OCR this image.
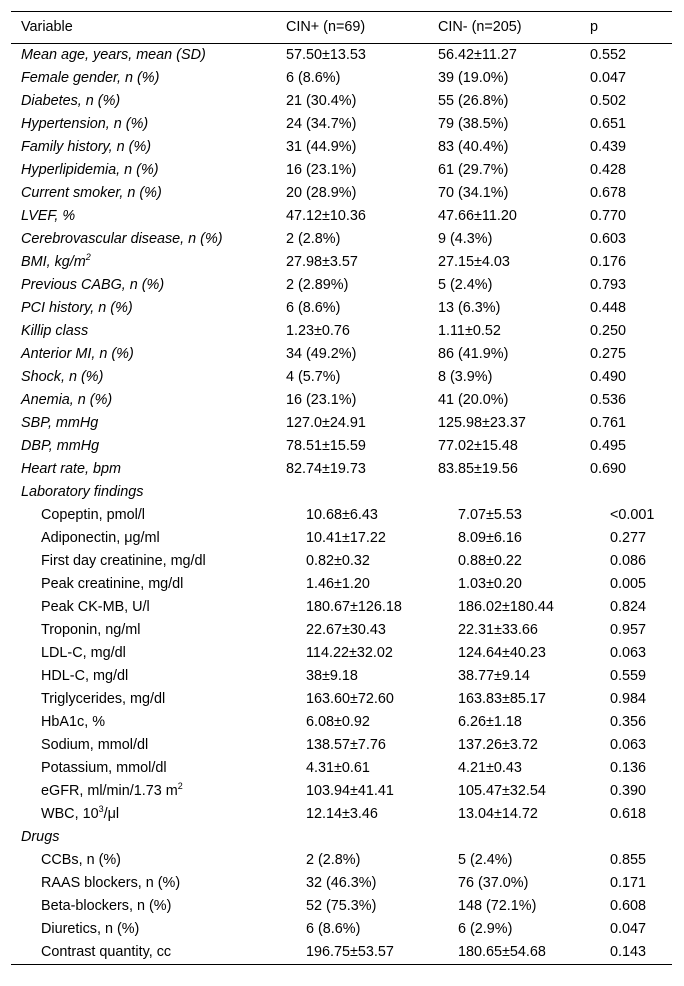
Variable	CIN+ (n=69)	CIN- (n=205)	p
Mean age, years, mean (SD)	57.50±13.53	56.42±11.27	0.552
Female gender, n (%)	6 (8.6%)	39 (19.0%)	0.047
Diabetes, n (%)	21 (30.4%)	55 (26.8%)	0.502
Hypertension, n (%)	24 (34.7%)	79 (38.5%)	0.651
Family history, n (%)	31 (44.9%)	83 (40.4%)	0.439
Hyperlipidemia, n (%)	16 (23.1%)	61 (29.7%)	0.428
Current smoker, n (%)	20 (28.9%)	70 (34.1%)	0.678
LVEF, %	47.12±10.36	47.66±11.20	0.770
Cerebrovascular disease, n (%)	2 (2.8%)	9 (4.3%)	0.603
BMI, $kg/m^2$	27.98±3.57	27.15±4.03	0.176
Previous CABG, n (%)	2 (2.89%)	5 (2.4%)	0.793
PCI history, n (%)	6 (8.6%)	13 (6.3%)	0.448
Killip class	1.23±0.76	1.11±0.52	0.250
Anterior MI, n (%)	34 (49.2%)	86 (41.9%)	0.275
Shock, n (%)	4 (5.7%)	8 (3.9%)	0.490
Anemia, n (%)	16 (23.1%)	41 (20.0%)	0.536
SBP, mmHg	127.0±24.91	125.98±23.37	0.761
DBP, mmHg	78.51±15.59	77.02±15.48	0.495
Heart rate, bpm	82.74±19.73	83.85±19.56	0.690
Laboratory findings
Copeptin, pmol/l	10.68±6.43	7.07±5.53	<0.001
Adiponectin, μg/ml	10.41±17.22	8.09±6.16	0.277
First day creatinine, mg/dl	0.82±0.32	0.88±0.22	0.086
Peak creatinine, mg/dl	1.46±1.20	1.03±0.20	0.005
Peak CK-MB, U/l	180.67±126.18	186.02±180.44	0.824
Troponin, ng/ml	22.67±30.43	22.31±33.66	0.957
LDL-C, mg/dl	114.22±32.02	124.64±40.23	0.063
HDL-C, mg/dl	38±9.18	38.77±9.14	0.559
Triglycerides, mg/dl	163.60±72.60	163.83±85.17	0.984
HbA1c, %	6.08±0.92	6.26±1.18	0.356
Sodium, mmol/dl	138.57±7.76	137.26±3.72	0.063
Potassium, mmol/dl	4.31±0.61	4.21±0.43	0.136
eGFR, ml/min/1.73 $m^2$	103.94±41.41	105.47±32.54	0.390
WBC, $10^3/\mu l$	12.14±3.46	13.04±14.72	0.618
Drugs
CCBs, n (%)	2 (2.8%)	5 (2.4%)	0.855
RAAS blockers, n (%)	32 (46.3%)	76 (37.0%)	0.171
Beta-blockers, n (%)	52 (75.3%)	148 (72.1%)	0.608
Diuretics, n (%)	6 (8.6%)	6 (2.9%)	0.047
Contrast quantity, cc	196.75±53.57	180.65±54.68	0.143
